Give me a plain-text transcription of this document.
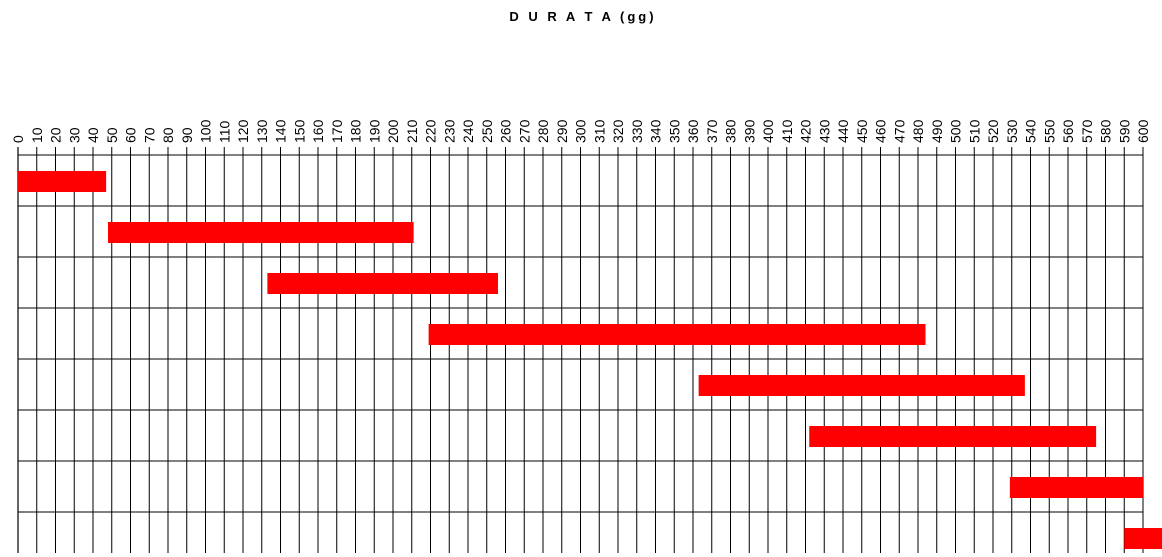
D U R A T A (gg)
0 10 20 30 40 50 60 70 80 90 100 110 120 130 140 150 160 170 180 190 200 210 220 230 240 250 260 270 280 290 300 310 320 330 340 350 360 370 380 390 400 410 420 430 440 450 460 470 480 490 500 510 520 530 540 550 560 570 580 590 600
